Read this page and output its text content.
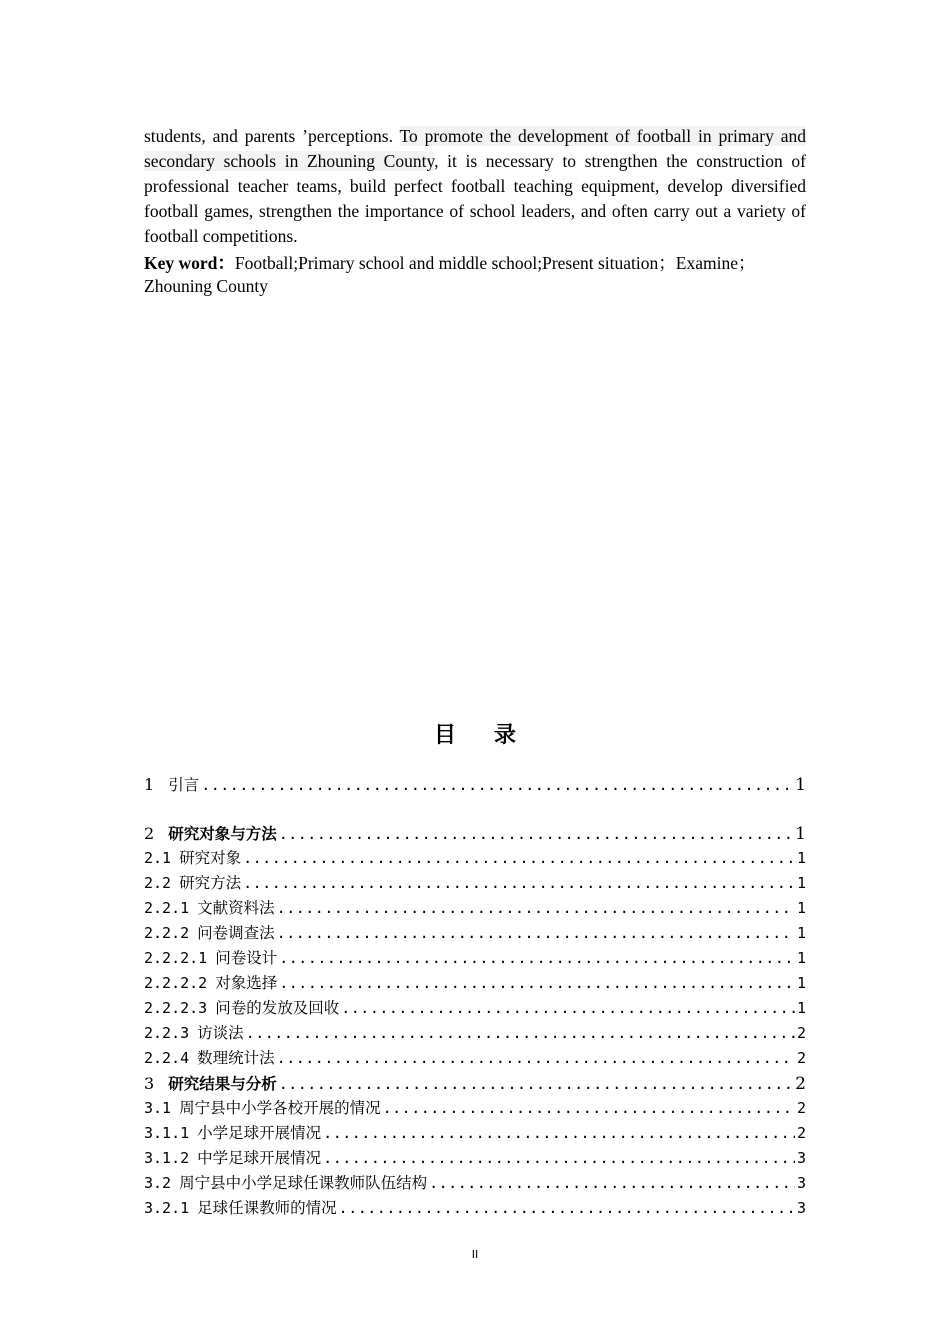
students, and parents ’perceptions. To promote the development of football in primary and secondary schools in Zhouning County, it is necessary to strengthen the construction of professional teacher teams, build perfect football teaching equipment, develop diversified football games, strengthen the importance of school leaders, and often carry out a variety of football competitions.
Key word：Football;Primary school and middle school;Present situation；Examine；Zhouning County
目录
1 引言 .....	1
2 研究对象与方法 .....	1
2.1 研究对象 .....	1
2.2 研究方法 .....	1
2.2.1 文献资料法 .....	1
2.2.2 问卷调查法 .....	1
2.2.2.1 问卷设计 .....	1
2.2.2.2 对象选择 .....	1
2.2.2.3 问卷的发放及回收 .....	1
2.2.3 访谈法 .....	2
2.2.4 数理统计法 .....	2
3 研究结果与分析 .....	2
3.1 周宁县中小学各校开展的情况 .....	2
3.1.1 小学足球开展情况 .....	2
3.1.2 中学足球开展情况 .....	3
3.2 周宁县中小学足球任课教师队伍结构 .....	3
3.2.1 足球任课教师的情况 .....	3
II
